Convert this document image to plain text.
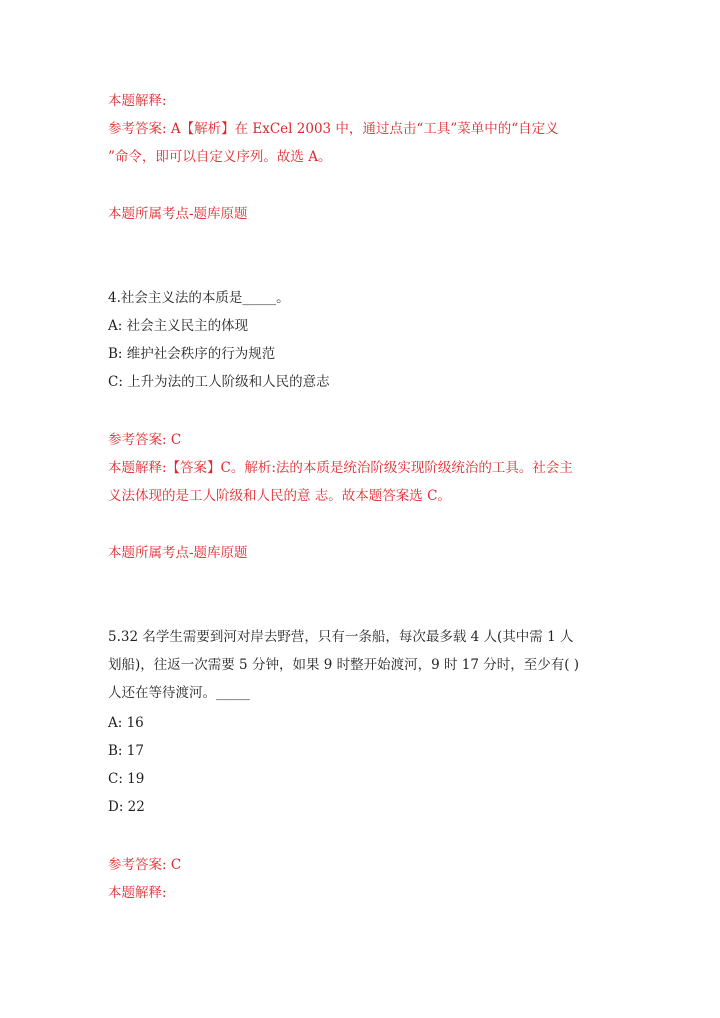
本题解释:
参考答案: A【解析】在 ExCel 2003 中，通过点击“工具”菜单中的“自定义
”命令，即可以自定义序列。故选 A。
本题所属考点-题库原题
4.社会主义法的本质是_____。
A: 社会主义民主的体现
B: 维护社会秩序的行为规范
C: 上升为法的工人阶级和人民的意志
参考答案: C
本题解释:【答案】C。解析:法的本质是统治阶级实现阶级统治的工具。社会主
义法体现的是工人阶级和人民的意 志。故本题答案选 C。
本题所属考点-题库原题
5.32 名学生需要到河对岸去野营，只有一条船，每次最多载 4 人(其中需 1 人
划船)，往返一次需要 5 分钟，如果 9 时整开始渡河，9 时 17 分时，至少有( )
人还在等待渡河。_____
A: 16
B: 17
C: 19
D: 22
参考答案: C
本题解释:
